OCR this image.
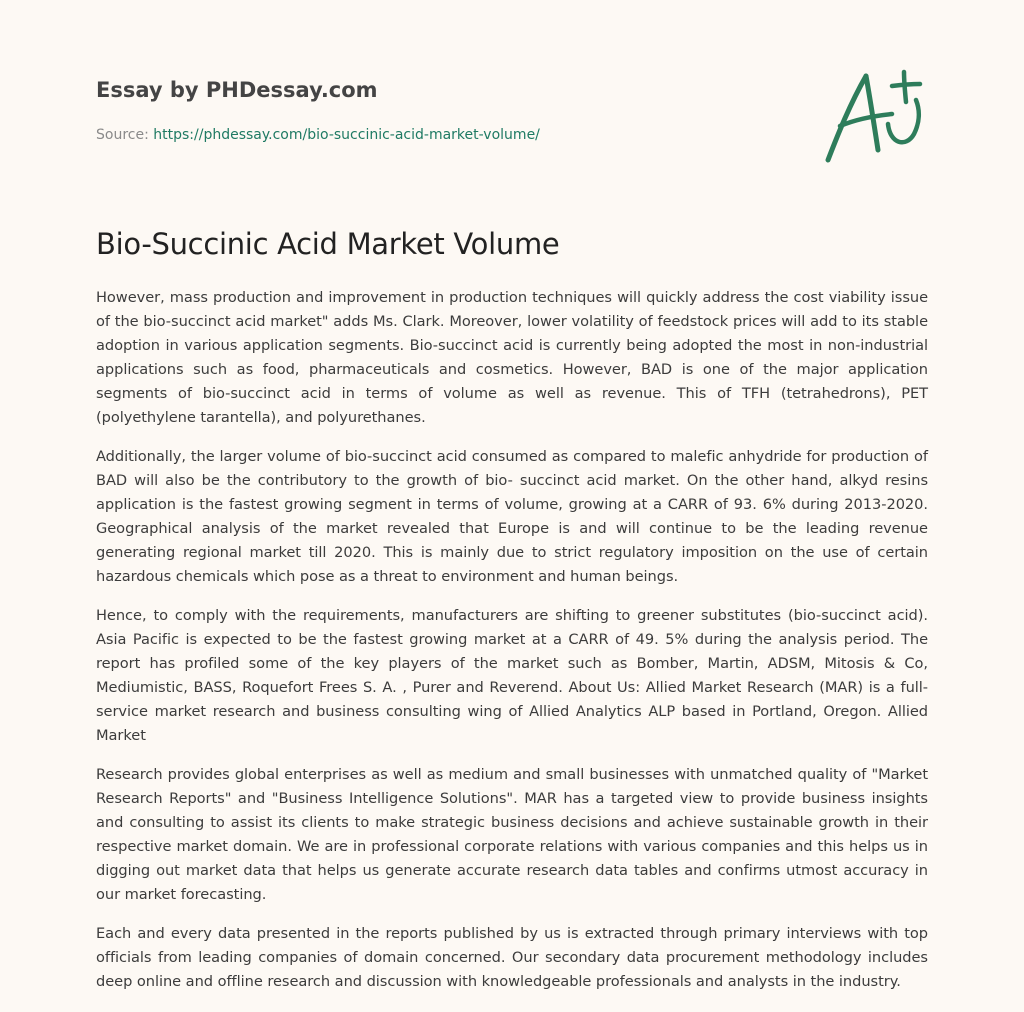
Essay by PHDessay.com
Source: https://phdessay.com/bio-succinic-acid-market-volume/
Bio-Succinic Acid Market Volume

However, mass production and improvement in production techniques will quickly address the cost viability issue of the bio-succinct acid market" adds Ms. Clark. Moreover, lower volatility of feedstock prices will add to its stable adoption in various application segments. Bio-succinct acid is currently being adopted the most in non-industrial applications such as food, pharmaceuticals and cosmetics. However, BAD is one of the major application segments of bio-succinct acid in terms of volume as well as revenue. This of TFH (tetrahedrons), PET (polyethylene tarantella), and polyurethanes.

Additionally, the larger volume of bio-succinct acid consumed as compared to malefic anhydride for production of BAD will also be the contributory to the growth of bio- succinct acid market. On the other hand, alkyd resins application is the fastest growing segment in terms of volume, growing at a CARR of 93. 6% during 2013-2020. Geographical analysis of the market revealed that Europe is and will continue to be the leading revenue generating regional market till 2020. This is mainly due to strict regulatory imposition on the use of certain hazardous chemicals which pose as a threat to environment and human beings.

Hence, to comply with the requirements, manufacturers are shifting to greener substitutes (bio-succinct acid). Asia Pacific is expected to be the fastest growing market at a CARR of 49. 5% during the analysis period. The report has profiled some of the key players of the market such as Bomber, Martin, ADSM, Mitosis & Co, Mediumistic, BASS, Roquefort Frees S. A. , Purer and Reverend. About Us: Allied Market Research (MAR) is a full-service market research and business consulting wing of Allied Analytics ALP based in Portland, Oregon. Allied Market

Research provides global enterprises as well as medium and small businesses with unmatched quality of "Market Research Reports" and "Business Intelligence Solutions". MAR has a targeted view to provide business insights and consulting to assist its clients to make strategic business decisions and achieve sustainable growth in their respective market domain. We are in professional corporate relations with various companies and this helps us in digging out market data that helps us generate accurate research data tables and confirms utmost accuracy in our market forecasting.

Each and every data presented in the reports published by us is extracted through primary interviews with top officials from leading companies of domain concerned. Our secondary data procurement methodology includes deep online and offline research and discussion with knowledgeable professionals and analysts in the industry.
